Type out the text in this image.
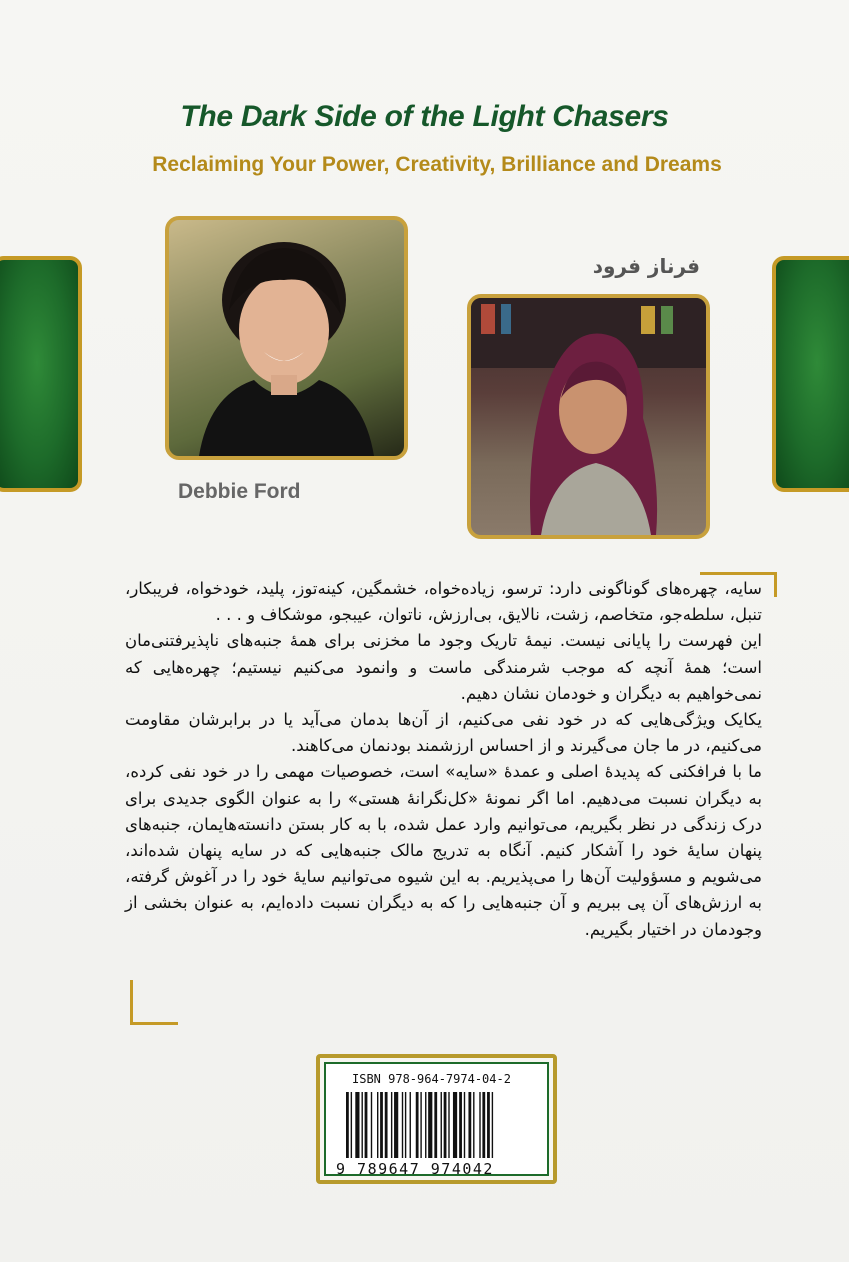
The Dark Side of the Light Chasers
Reclaiming Your Power, Creativity, Brilliance and Dreams
Debbie Ford
فرناز فرود

سایه، چهره‌های گوناگونی دارد: ترسو، زیاده‌خواه، خشمگین، کینه‌توز، پلید، خودخواه، فریبکار، تنبل، سلطه‌جو، متخاصم، زشت، نالایق، بی‌ارزش، ناتوان، عیبجو، موشکاف و . . .

این فهرست را پایانی نیست. نیمهٔ تاریک وجود ما مخزنی برای همهٔ جنبه‌های ناپذیرفتنی‌مان است؛ همهٔ آنچه که موجب شرمندگی ماست و وانمود می‌کنیم نیستیم؛ چهره‌هایی که نمی‌خواهیم به دیگران و خودمان نشان دهیم.

یکایک ویژگی‌هایی که در خود نفی می‌کنیم، از آن‌ها بدمان می‌آید یا در برابرشان مقاومت می‌کنیم، در ما جان می‌گیرند و از احساس ارزشمند بودنمان می‌کاهند.

ما با فرافکنی که پدیدهٔ اصلی و عمدهٔ «سایه» است، خصوصیات مهمی را در خود نفی کرده، به دیگران نسبت می‌دهیم. اما اگر نمونهٔ «کل‌نگرانهٔ هستی» را به عنوان الگوی جدیدی برای درک زندگی در نظر بگیریم، می‌توانیم وارد عمل شده، با به کار بستن دانسته‌هایمان، جنبه‌های پنهان سایهٔ خود را آشکار کنیم. آنگاه به تدریج مالک جنبه‌هایی که در سایه پنهان شده‌اند، می‌شویم و مسؤولیت آن‌ها را می‌پذیریم. به این شیوه می‌توانیم سایهٔ خود را در آغوش گرفته، به ارزش‌های آن پی ببریم و آن جنبه‌هایی را که به دیگران نسبت داده‌ایم، به عنوان بخشی از وجودمان در اختیار بگیریم.

ISBN 978-964-7974-04-2
9 789647 974042
